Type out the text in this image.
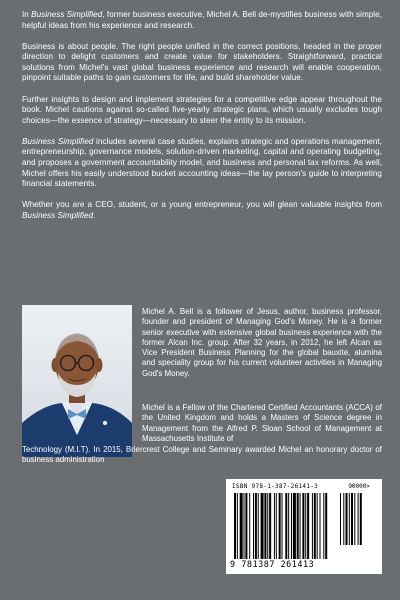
In Business Simplified, former business executive, Michel A. Bell de-mystifies business with simple, helpful ideas from his experience and research.

Business is about people. The right people unified in the correct positions, headed in the proper direction to delight customers and create value for stakeholders. Straightforward, practical solutions from Michel's vast global business experience and research will enable cooperation, pinpoint suitable paths to gain customers for life, and build shareholder value.

Further insights to design and implement strategies for a competitive edge appear throughout the book. Michel cautions against so-called five-yearly strategic plans, which usually excludes tough choices—the essence of strategy—necessary to steer the entity to its mission.

Business Simplified includes several case studies, explains strategic and operations management, entrepreneurship, governance models, solution-driven marketing, capital and operating budgeting, and proposes a government accountability model, and business and personal tax reforms. As well, Michel offers his easily understood bucket accounting ideas—the lay person's guide to interpreting financial statements.

Whether you are a CEO, student, or a young entrepreneur, you will glean valuable insights from Business Simplified.

Michel A. Bell is a follower of Jesus, author, business professor, founder and president of Managing God's Money. He is a former senior executive with extensive global business experience with the former Alcan Inc. group. After 32 years, in 2012, he left Alcan as Vice President Business Planning for the global bauxite, alumina and speciality group for his current volunteer activities in Managing God's Money.

Michel is a Fellow of the Chartered Certified Accountants (ACCA) of the United Kingdom and holds a Masters of Science degree in Management from the Alfred P. Sloan School of Management at Massachusetts Institute of

Technology (M.I.T). In 2015, Briercrest College and Seminary awarded Michel an honorary doctor of business administration

ISBN 978-1-387-26141-3	90000>
9 781387 261413
